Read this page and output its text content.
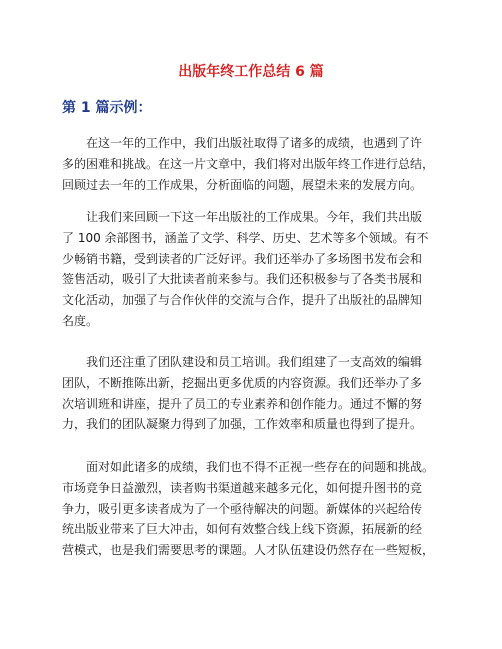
出版年终工作总结 6 篇
第 1 篇示例：
在这一年的工作中，我们出版社取得了诸多的成绩，也遇到了许
多的困难和挑战。在这一片文章中，我们将对出版年终工作进行总结，
回顾过去一年的工作成果，分析面临的问题，展望未来的发展方向。
让我们来回顾一下这一年出版社的工作成果。今年，我们共出版
了 100 余部图书，涵盖了文学、科学、历史、艺术等多个领域。有不
少畅销书籍，受到读者的广泛好评。我们还举办了多场图书发布会和
签售活动，吸引了大批读者前来参与。我们还积极参与了各类书展和
文化活动，加强了与合作伙伴的交流与合作，提升了出版社的品牌知
名度。
我们还注重了团队建设和员工培训。我们组建了一支高效的编辑
团队，不断推陈出新，挖掘出更多优质的内容资源。我们还举办了多
次培训班和讲座，提升了员工的专业素养和创作能力。通过不懈的努
力，我们的团队凝聚力得到了加强，工作效率和质量也得到了提升。
面对如此诸多的成绩，我们也不得不正视一些存在的问题和挑战。
市场竞争日益激烈，读者购书渠道越来越多元化，如何提升图书的竞
争力，吸引更多读者成为了一个亟待解决的问题。新媒体的兴起给传
统出版业带来了巨大冲击，如何有效整合线上线下资源，拓展新的经
营模式，也是我们需要思考的课题。人才队伍建设仍然存在一些短板，
